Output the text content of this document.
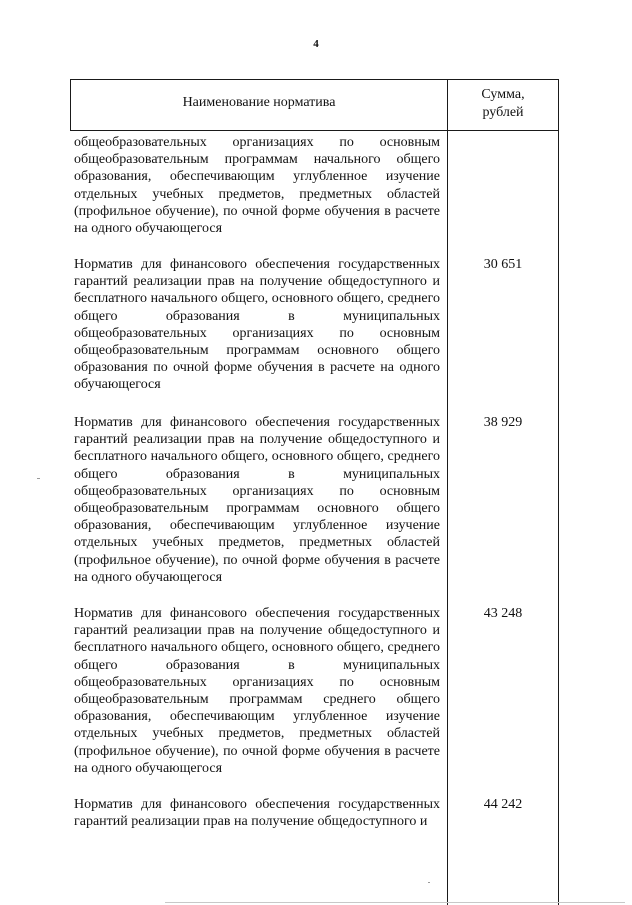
4
Наименование норматива
Сумма,
рублей
общеобразовательных организациях по основным общеобразовательным программам начального общего образования, обеспечивающим углубленное изучение отдельных учебных предметов, предметных областей (профильное обучение), по очной форме обучения в расчете на одного обучающегося
Норматив для финансового обеспечения государственных гарантий реализации прав на получение общедоступного и бесплатного начального общего, основного общего, среднего общего образования в муниципальных общеобразовательных организациях по основным общеобразовательным программам основного общего образования по очной форме обучения в расчете на одного обучающегося
30 651
Норматив для финансового обеспечения государственных гарантий реализации прав на получение общедоступного и бесплатного начального общего, основного общего, среднего общего образования в муниципальных общеобразовательных организациях по основным общеобразовательным программам основного общего образования, обеспечивающим углубленное изучение отдельных учебных предметов, предметных областей (профильное обучение), по очной форме обучения в расчете на одного обучающегося
38 929
Норматив для финансового обеспечения государственных гарантий реализации прав на получение общедоступного и бесплатного начального общего, основного общего, среднего общего образования в муниципальных общеобразовательных организациях по основным общеобразовательным программам среднего общего образования, обеспечивающим углубленное изучение отдельных учебных предметов, предметных областей (профильное обучение), по очной форме обучения в расчете на одного обучающегося
43 248
Норматив для финансового обеспечения государственных гарантий реализации прав на получение общедоступного и
44 242
